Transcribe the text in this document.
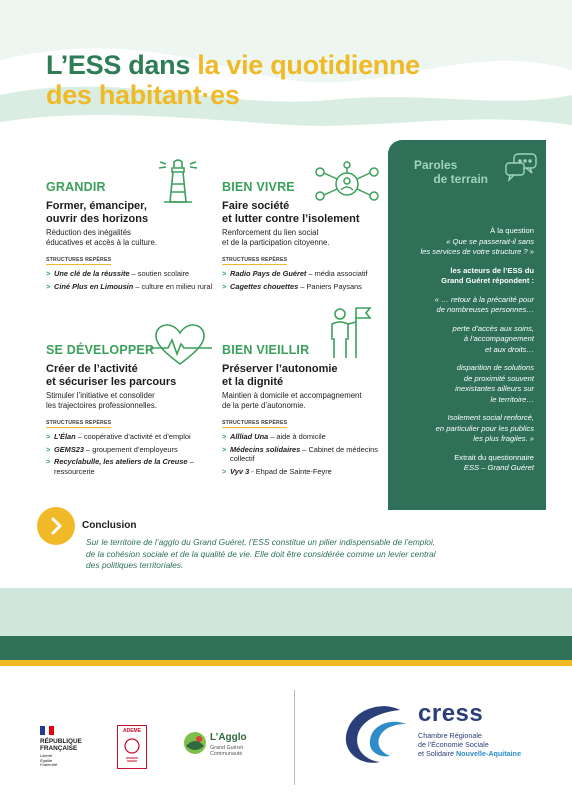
L’ESS dans la vie quotidienne
des habitant·es
GRANDIR
Former, émanciper,
ouvrir des horizons
Réduction des inégalités
éducatives et accès à la culture.
STRUCTURES REPÈRES
> Une clé de la réussite – soutien scolaire
> Ciné Plus en Limousin – culture en milieu rural
BIEN VIVRE
Faire société
et lutter contre l’isolement
Renforcement du lien social
et de la participation citoyenne.
STRUCTURES REPÈRES
> Radio Pays de Guéret – média associatif
> Cagettes chouettes – Paniers Paysans
SE DÉVELOPPER
Créer de l’activité
et sécuriser les parcours
Stimuler l’initiative et consolider
les trajectoires professionnelles.
STRUCTURES REPÈRES
> L’Élan – coopérative d’activité et d’emploi
> GEMS23 – groupement d’employeurs
> Recyclabulle, les ateliers de la Creuse – ressourcerie
BIEN VIEILLIR
Préserver l’autonomie
et la dignité
Maintien à domicile et accompagnement
de la perte d’autonomie.
STRUCTURES REPÈRES
> Allliad Una – aide à domicile
> Médecins solidaires – Cabinet de médecins collectif
> Vyv 3 - Ehpad de Sainte-Feyre
Paroles
de terrain

À la question
« Que se passerait-il sans
les services de votre structure ? »

les acteurs de l’ESS du
Grand Guéret répondent :

« … retour à la précarité pour
de nombreuses personnes…

perte d’accès aux soins,
à l’accompagnement
et aux droits…

disparition de solutions
de proximité souvent
inexistantes ailleurs sur
le territoire…

Isolement social renforcé,
en particulier pour les publics
les plus fragiles. »

Extrait du questionnaire
ESS – Grand Guéret

Conclusion
Sur le territoire de l’agglo du Grand Guéret, l’ESS constitue un pilier indispensable de l’emploi,
de la cohésion sociale et de la qualité de vie. Elle doit être considérée comme un levier central
des politiques territoriales.
RÉPUBLIQUE
FRANÇAISE
Liberté
Égalité
Fraternité
ADEME
L’Agglo
Grand Guéret
Communauté
cress
Chambre Régionale
de l’Économie Sociale
et Solidaire Nouvelle-Aquitaine
